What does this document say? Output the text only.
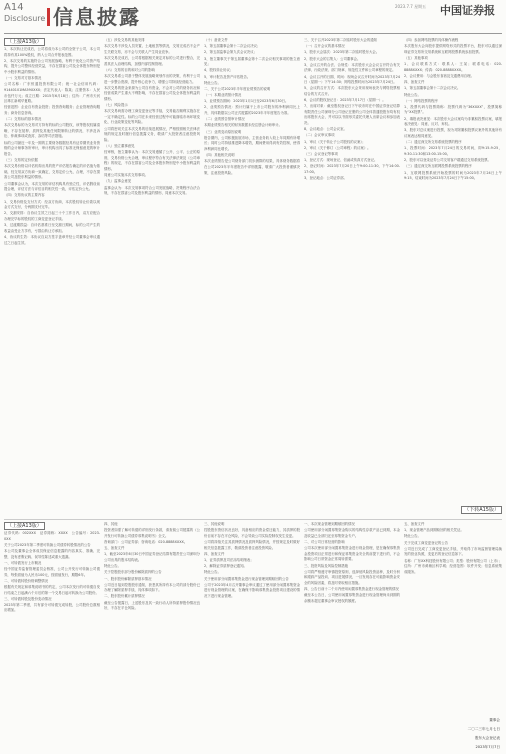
A14
Disclosure 信息披露	2023.7.7 星期五 中国证券报
（上接A13版）

1、本次转让完成后，公司将成为本公司的全资子公司，本公司将持有其100%股权，纳入公司合并报表范围。

2、本次交易的实施符合公司发展战略，有利于优化公司资产结构，提升公司整体经营效益，不存在损害公司及全体股东特别是中小股东利益的情形。

（一）交易对方基本情况

公司名称：广东恒通投资有限公司；统一社会信用代码：91440101MA59XXXX；法定代表人：陈某；注册资本：人民币伍仟万元；成立日期：2015年6月18日；住所：广州市天河区珠江新城华夏路。

经营范围：企业自有资金投资；投资咨询服务；企业管理咨询服务；商务信息咨询。

（二）交易标的基本情况

本次交易标的为交易对方持有的标的公司股权，该等股权权属清晰，不存在抵押、质押及其他任何限制转让的情况，不涉及诉讼、仲裁事项或查封、冻结等司法措施。

标的公司最近一年及一期的主要财务数据经具有证券期货业务资格的会计师事务所审计，审计机构出具了标准无保留意见的审计报告。

（三）交易的定价依据

本次交易价格以评估机构出具的资产评估报告确定的评估值为基础，经交易双方协商一致确定，交易定价公允、合理，不存在损害公司及股东利益的情形。

公司董事会认为，本次交易的评估机构具有独立性，评估假设前提合理，评估方法与评估目的相关性一致，评估定价公允。

（四）交易协议的主要内容

1、交易价格及支付方式：经双方协商，本次股权转让价款以现金方式支付，分两期支付完毕。

2、交割安排：自协议生效之日起三十个工作日内，双方应配合办理完毕标的股权的工商变更登记手续。

3、过渡期损益：自评估基准日至交割日期间，标的公司产生的收益由受让方享有，亏损由转让方承担。

4、协议的生效：本协议自双方签字盖章并经公司董事会审议通过之日起生效。

（五）涉及交易的其他安排

本次交易不涉及人员安置、土地租赁等情况，交易完成后不会产生关联交易，亦不会与关联人产生同业竞争。

本次交易完成后，公司将根据相关规定对标的公司进行整合，完善其法人治理结构，加强内部控制管理。

（六）交易的目的和对公司的影响

本次交易系公司基于整体发展战略规划作出的决策，有利于公司进一步整合资源，提升核心竞争力，增强公司持续经营能力。

本次交易的资金来源为公司自有资金，不会对公司的财务状况和经营成果产生重大不利影响，不存在损害公司及全体股东利益的情形。

（七）风险提示

本次交易尚需办理工商变更登记等手续，交易能否顺利实施存在一定不确定性。标的公司在未来经营过程中可能面临市场环境变化、行业政策变化等风险。

公司将密切关注本次交易的后续进展情况，严格按照相关法律法规的规定及时履行信息披露义务，敬请广大投资者注意投资风险。

（八）独立董事意见

经审核，独立董事认为：本次交易遵循了公开、公平、公正的原则，交易价格公允合理，审议程序符合有关法律法规及《公司章程》的规定，不存在损害公司及全体股东特别是中小股东利益的情形。

同意公司实施本次交易事项。

（九）监事会意见

监事会认为：本次交易事项符合公司发展战略，决策程序合法合规，不存在损害公司及股东利益的情形，同意本次交易。

（十）备查文件

1、第五届董事会第十二次会议决议；

2、第五届监事会第九次会议决议；

3、独立董事关于第五届董事会第十二次会议相关事项的独立意见；

4、股权转让协议；

5、审计报告及资产评估报告。

特此公告。

二、关于公司2023年半年度业绩预告的说明

（一）本期业绩预计情况

1、业绩预告期间：2023年1月1日至2023年6月30日。

2、业绩预告情况：预计归属于上市公司股东的净利润同比上升，具体数据以公司正式披露的2023年半年度报告为准。

（二）业绩预告预审计情况

本期业绩预告相关的财务数据未经注册会计师审计。

（三）业绩变动原因说明

报告期内，公司积极拓展市场，主营业务收入较上年同期有所增长；同时公司持续推进降本增效，期间费用得到有效控制，使得净利润同比增长。

（四）其他相关说明

本次业绩预告是公司财务部门初步测算的结果，具体财务数据将在公司2023年半年度报告中详细披露，敬请广大投资者谨慎决策，注意投资风险。

三、关于召开2023年第二次临时股东大会的通知

（一）召开会议的基本情况

1、股东大会届次：2023年第二次临时股东大会。

2、股东大会的召集人：公司董事会。

3、会议召开的合法、合规性：本次股东大会会议召开符合有关法律、行政法规、部门规章、规范性文件和公司章程的规定。

4、会议召开的日期、时间：现场会议召开时间为2023年7月24日（星期一）下午14:30；网络投票时间为2023年7月24日。

5、会议的召开方式：本次股东大会采用现场表决与网络投票相结合的方式召开。

6、会议的股权登记日：2023年7月17日（星期一）。

7、出席对象：截至股权登记日下午收市时在中国证券登记结算有限责任公司深圳分公司登记在册的公司全体普通股股东均有权出席股东大会，并可以以书面形式委托代理人出席会议和参加表决。

8、会议地点：公司会议室。

（二）会议审议事项

1、审议《关于转让子公司股权的议案》；

2、审议《关于修订〈公司章程〉的议案》。

（三）会议登记等事项

1、登记方式：现场登记、信函或传真方式登记。

2、登记时间：2023年7月20日上午9:00-11:30，下午14:00-17:00。

3、登记地点：公司证券部。

（四）参加网络投票的具体操作流程

本次股东大会向股东提供网络形式的投票平台，股东可以通过深圳证券交易所交易系统和互联网投票系统参加投票。

（五）其他事项

1、会议联系方式：联系人：王某；联系电话：020-8888XXXX；传真：020-8888XXXX。

2、会议费用：与会股东食宿及交通费用自理。

四、备查文件

1、第五届董事会第十二次会议决议。

特此公告。

（一）网络投票的程序

1、投票代码与投票简称：投票代码为“36XXXX”，投票简称为“XX投票”。

2、填报表决意见：本次股东大会议案均为非累积投票议案，填报表决意见：同意、反对、弃权。

3、股东对总议案进行投票，视为对除累积投票议案外的其他所有议案表达相同意见。

（二）通过深交所交易系统投票的程序

1、投票时间：2023年7月24日的交易时间，即9:15-9:25，9:30-11:30和13:00-15:00。

2、股东可以登录证券公司交易客户端通过交易系统投票。

（三）通过深交所互联网投票系统投票的程序

1、互联网投票系统开始投票的时间为2023年7月24日上午9:15，结束时间为2023年7月24日下午15:00。

（下转A15版）
（上接A13版）

证券代码：002XXX　证券简称：XXXX　公告编号：2023-0XX

关于公司2023年第二季度可转换公司债券转股情况的公告

本公司及董事会全体成员保证信息披露的内容真实、准确、完整，没有虚假记载、误导性陈述或重大遗漏。

一、可转债发行上市概况

经中国证券监督管理委员会核准，公司公开发行可转换公司债券，每张面值为人民币100元，按面值发行，期限6年。

二、可转债转股价格调整情况

根据有关规定和募集说明书的约定，公司本次发行的可转债自发行结束之日起满六个月后的第一个交易日起可转换为公司股份。

三、可转债转股及股份变动情况

2023年第二季度，共有部分可转债完成转股，公司股份总数相应增加。

四、其他

投资者如需了解可转债的详细发行条款，请查阅公司披露的《公开发行可转换公司债券募集说明书》全文。

咨询部门：公司证券部；咨询电话：020-8888XXXX。

五、备查文件

1、截至2023年6月30日中国证券登记结算有限责任公司深圳分公司出具的股本结构表。

特此公告。

关于控股股东部分股份解除质押的公告

一、股东股份解除质押基本情况

公司近日接到控股股东通知，获悉其所持有本公司的部分股份已办理了解除质押手续，具体事项如下。

二、股东股份累计质押情况

截至公告披露日，上述股东及其一致行动人所持质押股份情况良好，不存在平仓风险。

三、其他说明

控股股东资信状况良好，具备相应的资金偿还能力，其质押的股份目前不存在平仓风险，不会导致公司实际控制权发生变更。

公司将持续关注其质押情况及质押风险情况，并按规定及时做好相关信息披露工作，敬请投资者注意投资风险。

四、备查文件

1、证券质押及司法冻结明细表；

2、解除证券质押登记通知。

特此公告。

关于使用部分闲置募集资金进行现金管理到期赎回的公告

公司于2023年4月召开董事会审议通过了使用部分闲置募集资金进行现金管理的议案，在确保不影响募集资金投资项目建设的情况下进行现金管理。

一、本次现金管理到期赎回的情况

公司使用部分闲置募集资金购买的结构性存款产品已到期，本金及收益已全部归还至募集资金专户。

二、对公司日常经营的影响

公司本次使用部分闲置募集资金进行现金管理，是在确保募集资金投资项目正常进行和保证募集资金安全的前提下进行的，不会影响公司日常资金正常周转需要。

三、投资风险及风险控制措施

公司将严格遵守审慎投资原则，选择低风险投资品种，及时分析和跟踪产品投向、项目进展情况，一旦发现存在可能影响资金安全的风险因素，将及时采取相应措施。

四、公告日前十二个月内使用闲置募集资金进行现金管理的情况

截至本公告日，公司使用闲置募集资金进行现金管理尚未到期的余额未超过董事会审议授权的额度。

五、备查文件

1、现金管理产品到期赎回的相关凭证。

特此公告。

关于完成工商变更登记的公告

公司近日完成了工商变更登记手续，并取得了市场监督管理局换发的营业执照，变更后的登记信息如下。

名称：广东XX科技股份有限公司；类型：股份有限公司（上市）；住所：广州市黄埔区科学城；经营范围：软件开发；信息系统集成服务。

董事会

二〇二三年七月七日

股东大会登记表

2023年7月7日
